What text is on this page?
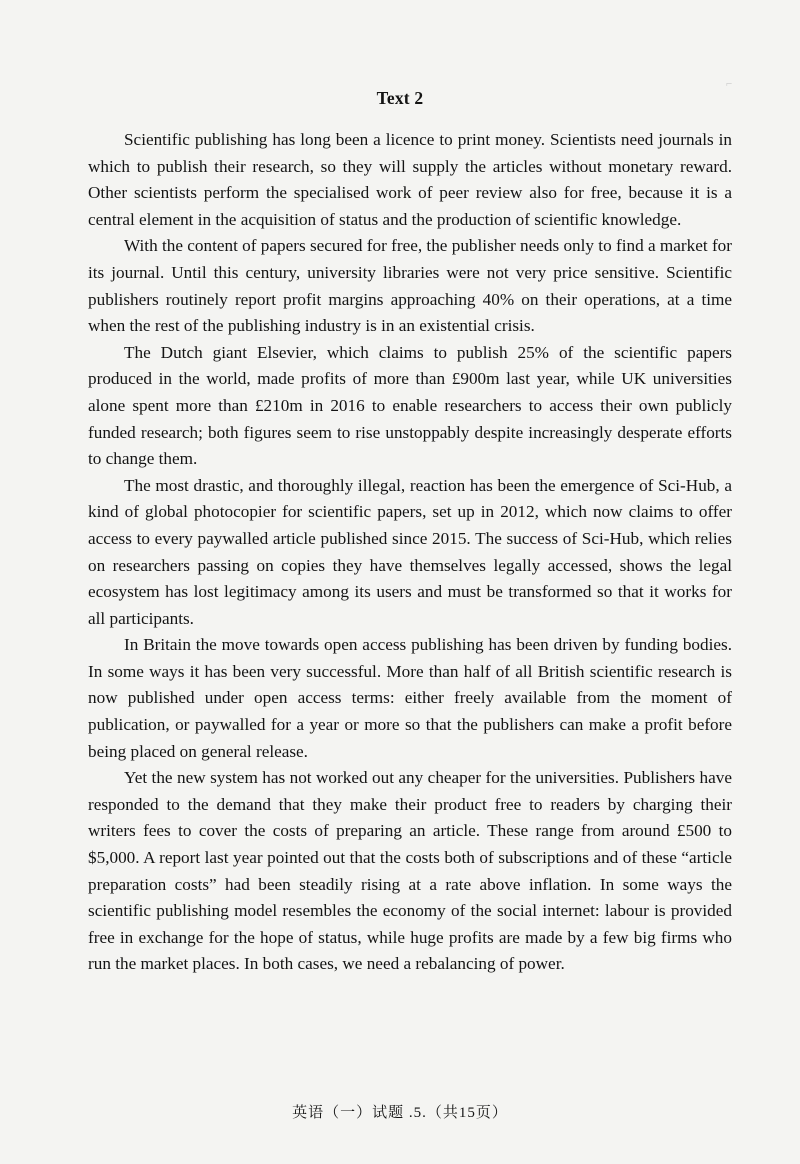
⌐
Text 2

Scientific publishing has long been a licence to print money. Scientists need journals in which to publish their research, so they will supply the articles without monetary reward. Other scientists perform the specialised work of peer review also for free, because it is a central element in the acquisition of status and the production of scientific knowledge.

With the content of papers secured for free, the publisher needs only to find a market for its journal. Until this century, university libraries were not very price sensitive. Scientific publishers routinely report profit margins approaching 40% on their operations, at a time when the rest of the publishing industry is in an existential crisis.

The Dutch giant Elsevier, which claims to publish 25% of the scientific papers produced in the world, made profits of more than £900m last year, while UK universities alone spent more than £210m in 2016 to enable researchers to access their own publicly funded research; both figures seem to rise unstoppably despite increasingly desperate efforts to change them.

The most drastic, and thoroughly illegal, reaction has been the emergence of Sci-Hub, a kind of global photocopier for scientific papers, set up in 2012, which now claims to offer access to every paywalled article published since 2015. The success of Sci-Hub, which relies on researchers passing on copies they have themselves legally accessed, shows the legal ecosystem has lost legitimacy among its users and must be transformed so that it works for all participants.

In Britain the move towards open access publishing has been driven by funding bodies. In some ways it has been very successful. More than half of all British scientific research is now published under open access terms: either freely available from the moment of publication, or paywalled for a year or more so that the publishers can make a profit before being placed on general release.

Yet the new system has not worked out any cheaper for the universities. Publishers have responded to the demand that they make their product free to readers by charging their writers fees to cover the costs of preparing an article. These range from around £500 to $5,000. A report last year pointed out that the costs both of subscriptions and of these “article preparation costs” had been steadily rising at a rate above inflation. In some ways the scientific publishing model resembles the economy of the social internet: labour is provided free in exchange for the hope of status, while huge profits are made by a few big firms who run the market places. In both cases, we need a rebalancing of power.

英语（一）试题 .5.（共15页）
